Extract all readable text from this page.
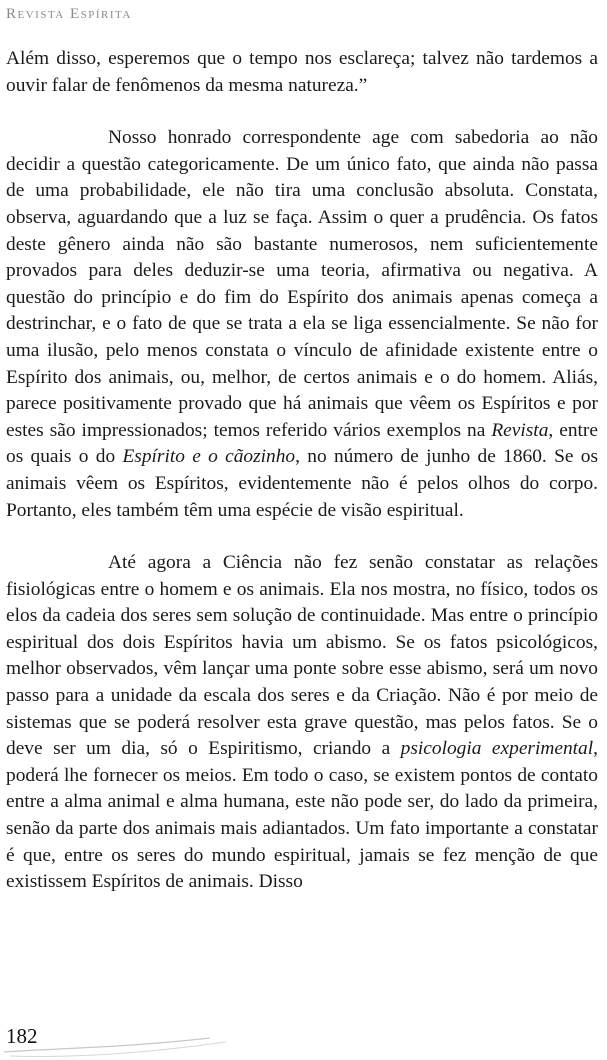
Revista Espírita

Além disso, esperemos que o tempo nos esclareça; talvez não tardemos a ouvir falar de fenômenos da mesma natureza.”

Nosso honrado correspondente age com sabedoria ao não decidir a questão categoricamente. De um único fato, que ainda não passa de uma probabilidade, ele não tira uma conclusão absoluta. Constata, observa, aguardando que a luz se faça. Assim o quer a prudência. Os fatos deste gênero ainda não são bastante numerosos, nem suficientemente provados para deles deduzir-se uma teoria, afirmativa ou negativa. A questão do princípio e do fim do Espírito dos animais apenas começa a destrinchar, e o fato de que se trata a ela se liga essencialmente. Se não for uma ilusão, pelo menos constata o vínculo de afinidade existente entre o Espírito dos animais, ou, melhor, de certos animais e o do homem. Aliás, parece positivamente provado que há animais que vêem os Espíritos e por estes são impressionados; temos referido vários exemplos na Revista, entre os quais o do Espírito e o cãozinho, no número de junho de 1860. Se os animais vêem os Espíritos, evidentemente não é pelos olhos do corpo. Portanto, eles também têm uma espécie de visão espiritual.

Até agora a Ciência não fez senão constatar as relações fisiológicas entre o homem e os animais. Ela nos mostra, no físico, todos os elos da cadeia dos seres sem solução de continuidade. Mas entre o princípio espiritual dos dois Espíritos havia um abismo. Se os fatos psicológicos, melhor observados, vêm lançar uma ponte sobre esse abismo, será um novo passo para a unidade da escala dos seres e da Criação. Não é por meio de sistemas que se poderá resolver esta grave questão, mas pelos fatos. Se o deve ser um dia, só o Espiritismo, criando a psicologia experimental, poderá lhe fornecer os meios. Em todo o caso, se existem pontos de contato entre a alma animal e alma humana, este não pode ser, do lado da primeira, senão da parte dos animais mais adiantados. Um fato importante a constatar é que, entre os seres do mundo espiritual, jamais se fez menção de que existissem Espíritos de animais. Disso

182
